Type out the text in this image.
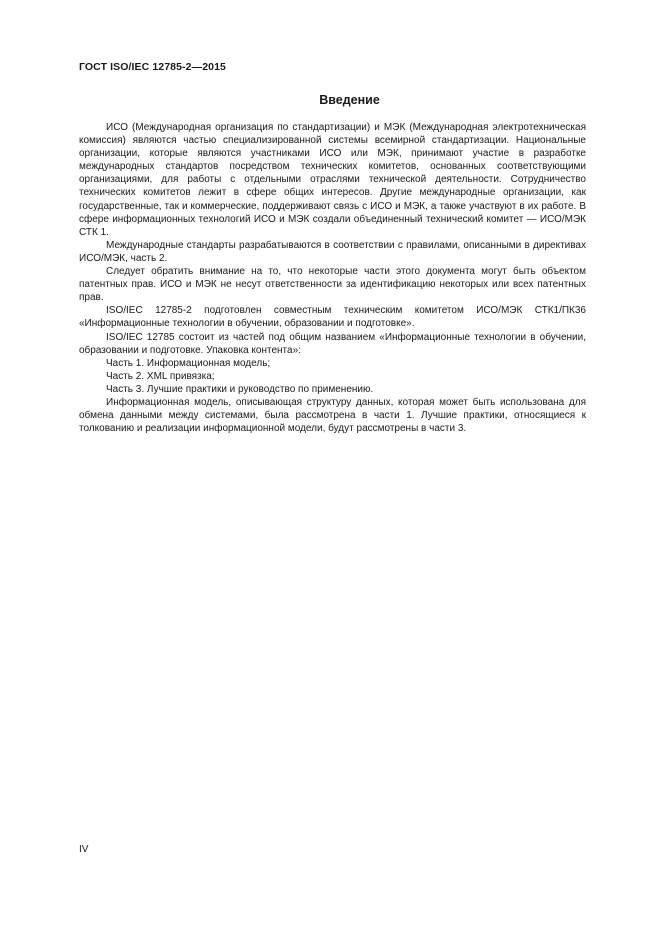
ГОСТ ISO/IEC 12785-2—2015
Введение

ИСО (Международная организация по стандартизации) и МЭК (Международная электротехническая комиссия) являются частью специализированной системы всемирной стандартизации. Национальные организации, которые являются участниками ИСО или МЭК, принимают участие в разработке международных стандартов посредством технических комитетов, основанных соответствующими организациями, для работы с отдельными отраслями технической деятельности. Сотрудничество технических комитетов лежит в сфере общих интересов. Другие международные организации, как государственные, так и коммерческие, поддерживают связь с ИСО и МЭК, а также участвуют в их работе. В сфере информационных технологий ИСО и МЭК создали объединенный технический комитет — ИСО/МЭК СТК 1.

Международные стандарты разрабатываются в соответствии с правилами, описанными в директивах ИСО/МЭК, часть 2.

Следует обратить внимание на то, что некоторые части этого документа могут быть объектом патентных прав. ИСО и МЭК не несут ответственности за идентификацию некоторых или всех патентных прав.

ISO/IEC 12785-2 подготовлен совместным техническим комитетом ИСО/МЭК СТК1/ПК36 «Информационные технологии в обучении, образовании и подготовке».

ISO/IEC 12785 состоит из частей под общим названием «Информационные технологии в обучении, образовании и подготовке. Упаковка контента»:

Часть 1. Информационная модель;

Часть 2. XML привязка;

Часть 3. Лучшие практики и руководство по применению.

Информационная модель, описывающая структуру данных, которая может быть использована для обмена данными между системами, была рассмотрена в части 1. Лучшие практики, относящиеся к толкованию и реализации информационной модели, будут рассмотрены в части 3.

IV
